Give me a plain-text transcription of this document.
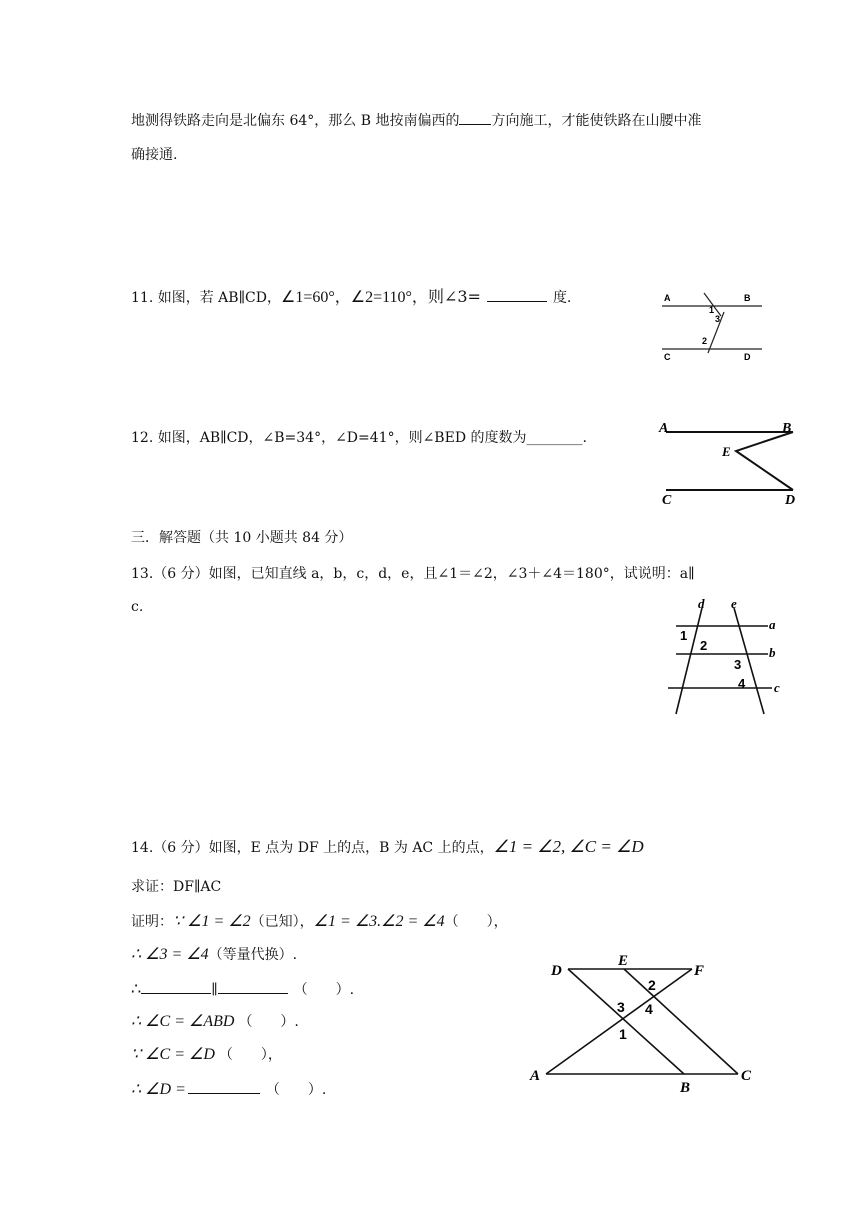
地测得铁路走向是北偏东 64°，那么 B 地按南偏西的 方向施工，才能使铁路在山腰中准
确接通.
11. 如图，若 AB∥CD，∠1=60°，∠2=110°，则∠3=	度.	A	B
C	D
1
3
2
12. 如图，AB∥CD，∠B=34°，∠D=41°，则∠BED 的度数为________.
A	B
E
C	D
三．解答题（共 10 小题共 84 分）
13.（6 分）如图，已知直线 a，b，c，d，e，且∠1＝∠2，∠3＋∠4＝180°，试说明：a∥
c.	d e
a
b
c
1
2
3
4
14.（6 分）如图，E 点为 DF 上的点，B 为 AC 上的点，∠1 = ∠2, ∠C = ∠D
求证：DF∥AC
证明：∵ ∠1 = ∠2（已知），∠1 = ∠3.∠2 = ∠4（　　），
∴ ∠3 = ∠4（等量代换）.
∴	∥	（　　）.
∴ ∠C = ∠ABD （　　）.
∵ ∠C = ∠D （　　），
∴ ∠D =	（　　）.
D
E
F
A
B
C
2
3 4
1
